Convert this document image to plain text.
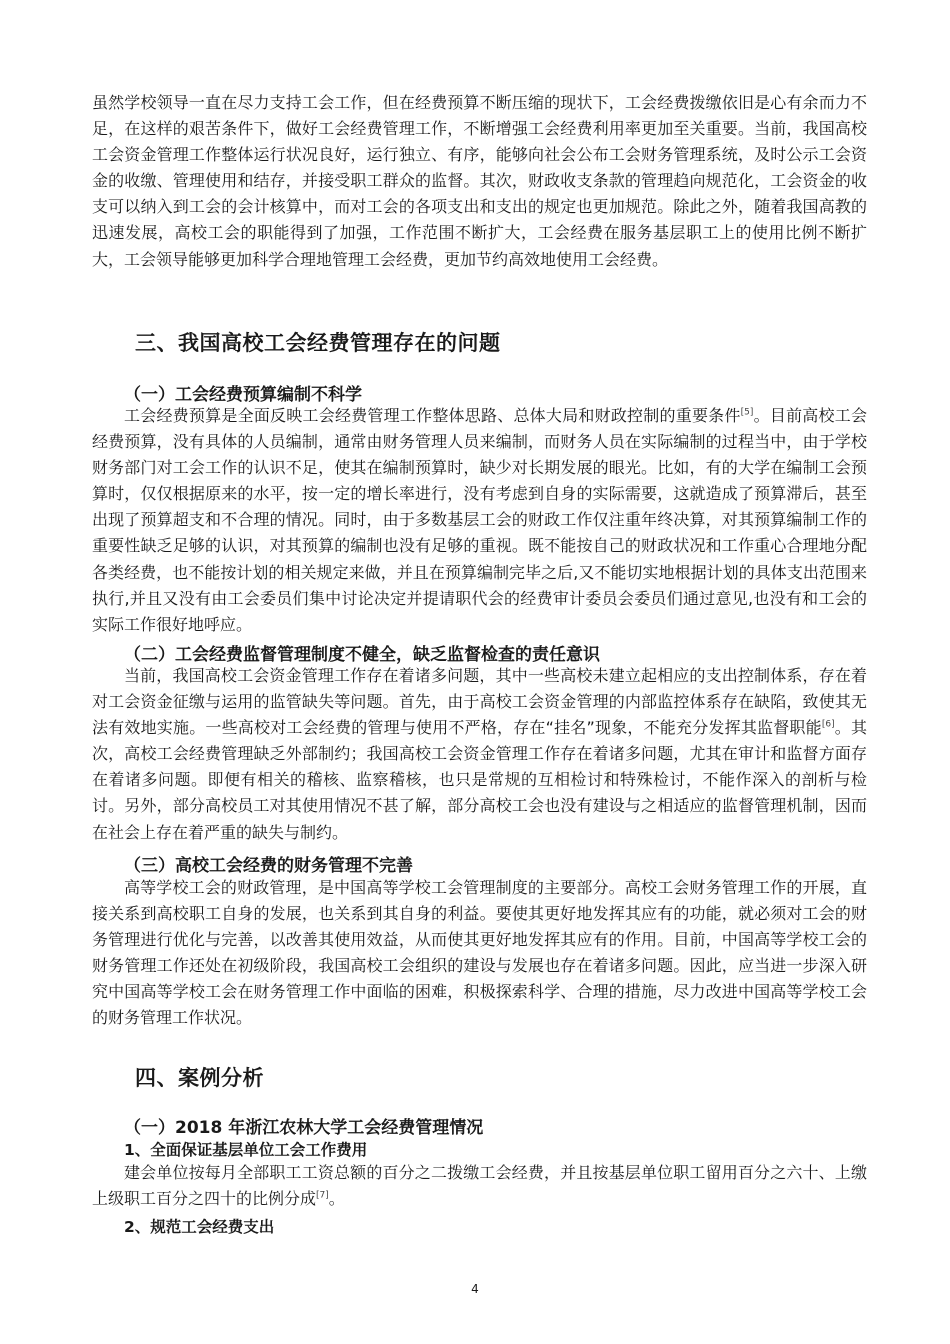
虽然学校领导一直在尽力支持工会工作，但在经费预算不断压缩的现状下，工会经费拨缴依旧是心有余而力不足，在这样的艰苦条件下，做好工会经费管理工作，不断增强工会经费利用率更加至关重要。当前，我国高校工会资金管理工作整体运行状况良好，运行独立、有序，能够向社会公布工会财务管理系统，及时公示工会资金的收缴、管理使用和结存，并接受职工群众的监督。其次，财政收支条款的管理趋向规范化，工会资金的收支可以纳入到工会的会计核算中，而对工会的各项支出和支出的规定也更加规范。除此之外，随着我国高教的迅速发展，高校工会的职能得到了加强，工作范围不断扩大，工会经费在服务基层职工上的使用比例不断扩大，工会领导能够更加科学合理地管理工会经费，更加节约高效地使用工会经费。

三、我国高校工会经费管理存在的问题
（一）工会经费预算编制不科学

工会经费预算是全面反映工会经费管理工作整体思路、总体大局和财政控制的重要条件[5]。目前高校工会经费预算，没有具体的人员编制，通常由财务管理人员来编制，而财务人员在实际编制的过程当中，由于学校财务部门对工会工作的认识不足，使其在编制预算时，缺少对长期发展的眼光。比如，有的大学在编制工会预算时，仅仅根据原来的水平，按一定的增长率进行，没有考虑到自身的实际需要，这就造成了预算滞后，甚至出现了预算超支和不合理的情况。同时，由于多数基层工会的财政工作仅注重年终决算，对其预算编制工作的重要性缺乏足够的认识，对其预算的编制也没有足够的重视。既不能按自己的财政状况和工作重心合理地分配各类经费，也不能按计划的相关规定来做，并且在预算编制完毕之后,又不能切实地根据计划的具体支出范围来执行,并且又没有由工会委员们集中讨论决定并提请职代会的经费审计委员会委员们通过意见,也没有和工会的实际工作很好地呼应。

（二）工会经费监督管理制度不健全，缺乏监督检查的责任意识

当前，我国高校工会资金管理工作存在着诸多问题，其中一些高校未建立起相应的支出控制体系，存在着对工会资金征缴与运用的监管缺失等问题。首先，由于高校工会资金管理的内部监控体系存在缺陷，致使其无法有效地实施。一些高校对工会经费的管理与使用不严格，存在“挂名”现象，不能充分发挥其监督职能[6]。其次，高校工会经费管理缺乏外部制约；我国高校工会资金管理工作存在着诸多问题，尤其在审计和监督方面存在着诸多问题。即便有相关的稽核、监察稽核，也只是常规的互相检讨和特殊检讨，不能作深入的剖析与检讨。另外，部分高校员工对其使用情况不甚了解，部分高校工会也没有建设与之相适应的监督管理机制，因而在社会上存在着严重的缺失与制约。

（三）高校工会经费的财务管理不完善

高等学校工会的财政管理，是中国高等学校工会管理制度的主要部分。高校工会财务管理工作的开展，直接关系到高校职工自身的发展，也关系到其自身的利益。要使其更好地发挥其应有的功能，就必须对工会的财务管理进行优化与完善，以改善其使用效益，从而使其更好地发挥其应有的作用。目前，中国高等学校工会的财务管理工作还处在初级阶段，我国高校工会组织的建设与发展也存在着诸多问题。因此，应当进一步深入研究中国高等学校工会在财务管理工作中面临的困难，积极探索科学、合理的措施，尽力改进中国高等学校工会的财务管理工作状况。

四、案例分析
（一）2018 年浙江农林大学工会经费管理情况
1、全面保证基层单位工会工作费用

建会单位按每月全部职工工资总额的百分之二拨缴工会经费，并且按基层单位职工留用百分之六十、上缴上级职工百分之四十的比例分成[7]。

2、规范工会经费支出
4
